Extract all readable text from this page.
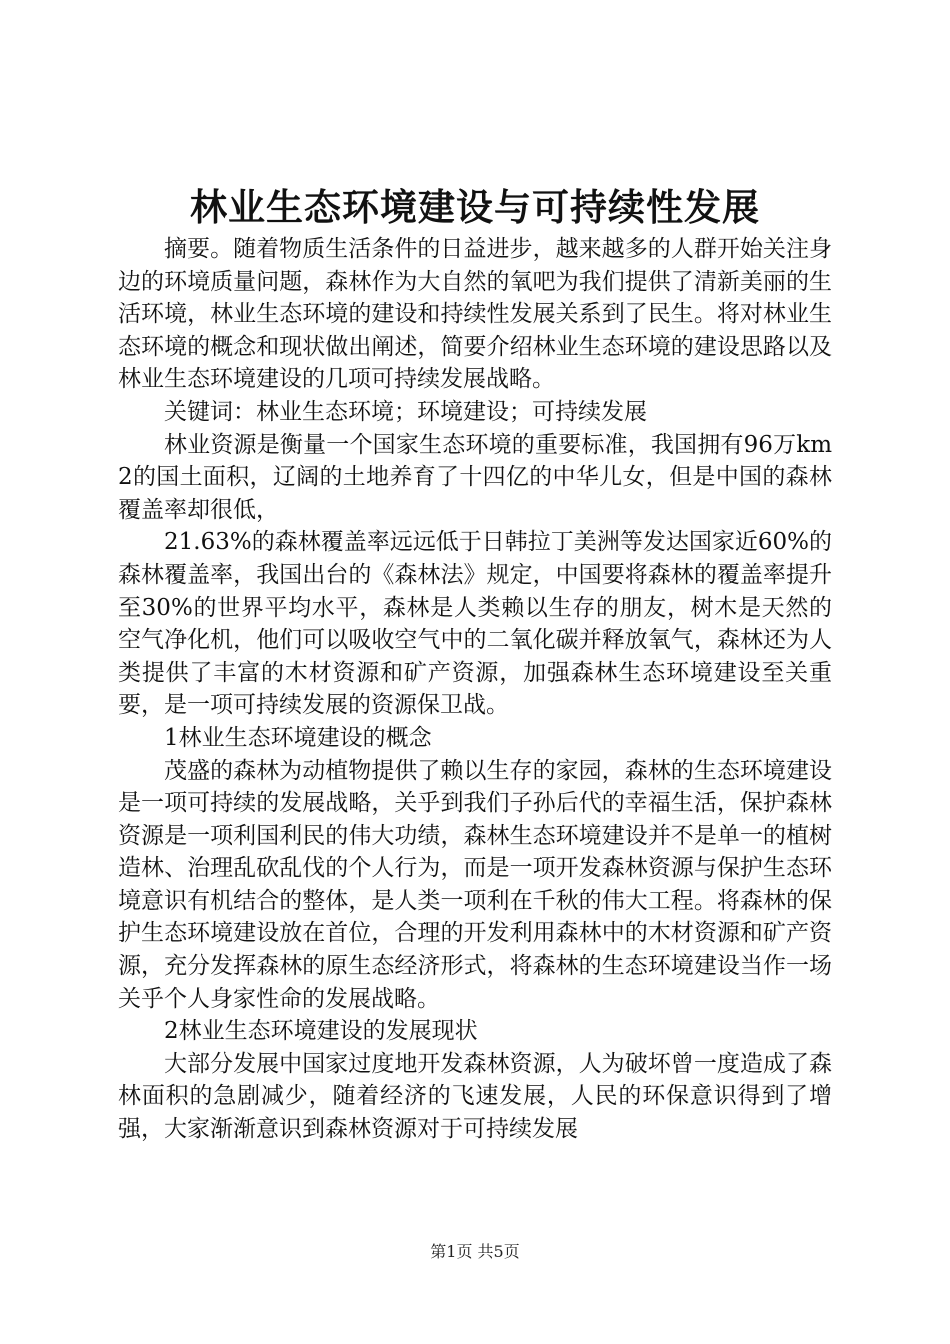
林业生态环境建设与可持续性发展

摘要。随着物质生活条件的日益进步，越来越多的人群开始关注身边的环境质量问题，森林作为大自然的氧吧为我们提供了清新美丽的生活环境，林业生态环境的建设和持续性发展关系到了民生。将对林业生态环境的概念和现状做出阐述，简要介绍林业生态环境的建设思路以及林业生态环境建设的几项可持续发展战略。

关键词：林业生态环境；环境建设；可持续发展

林业资源是衡量一个国家生态环境的重要标准，我国拥有96万km2的国土面积，辽阔的土地养育了十四亿的中华儿女，但是中国的森林覆盖率却很低，

21.63%的森林覆盖率远远低于日韩拉丁美洲等发达国家近60%的森林覆盖率，我国出台的《森林法》规定，中国要将森林的覆盖率提升至30%的世界平均水平，森林是人类赖以生存的朋友，树木是天然的空气净化机，他们可以吸收空气中的二氧化碳并释放氧气，森林还为人类提供了丰富的木材资源和矿产资源，加强森林生态环境建设至关重要，是一项可持续发展的资源保卫战。

1林业生态环境建设的概念

茂盛的森林为动植物提供了赖以生存的家园，森林的生态环境建设是一项可持续的发展战略，关乎到我们子孙后代的幸福生活，保护森林资源是一项利国利民的伟大功绩，森林生态环境建设并不是单一的植树造林、治理乱砍乱伐的个人行为，而是一项开发森林资源与保护生态环境意识有机结合的整体，是人类一项利在千秋的伟大工程。将森林的保护生态环境建设放在首位，合理的开发利用森林中的木材资源和矿产资源，充分发挥森林的原生态经济形式，将森林的生态环境建设当作一场关乎个人身家性命的发展战略。

2林业生态环境建设的发展现状

大部分发展中国家过度地开发森林资源，人为破坏曾一度造成了森林面积的急剧减少，随着经济的飞速发展，人民的环保意识得到了增强，大家渐渐意识到森林资源对于可持续发展

第1页 共5页
